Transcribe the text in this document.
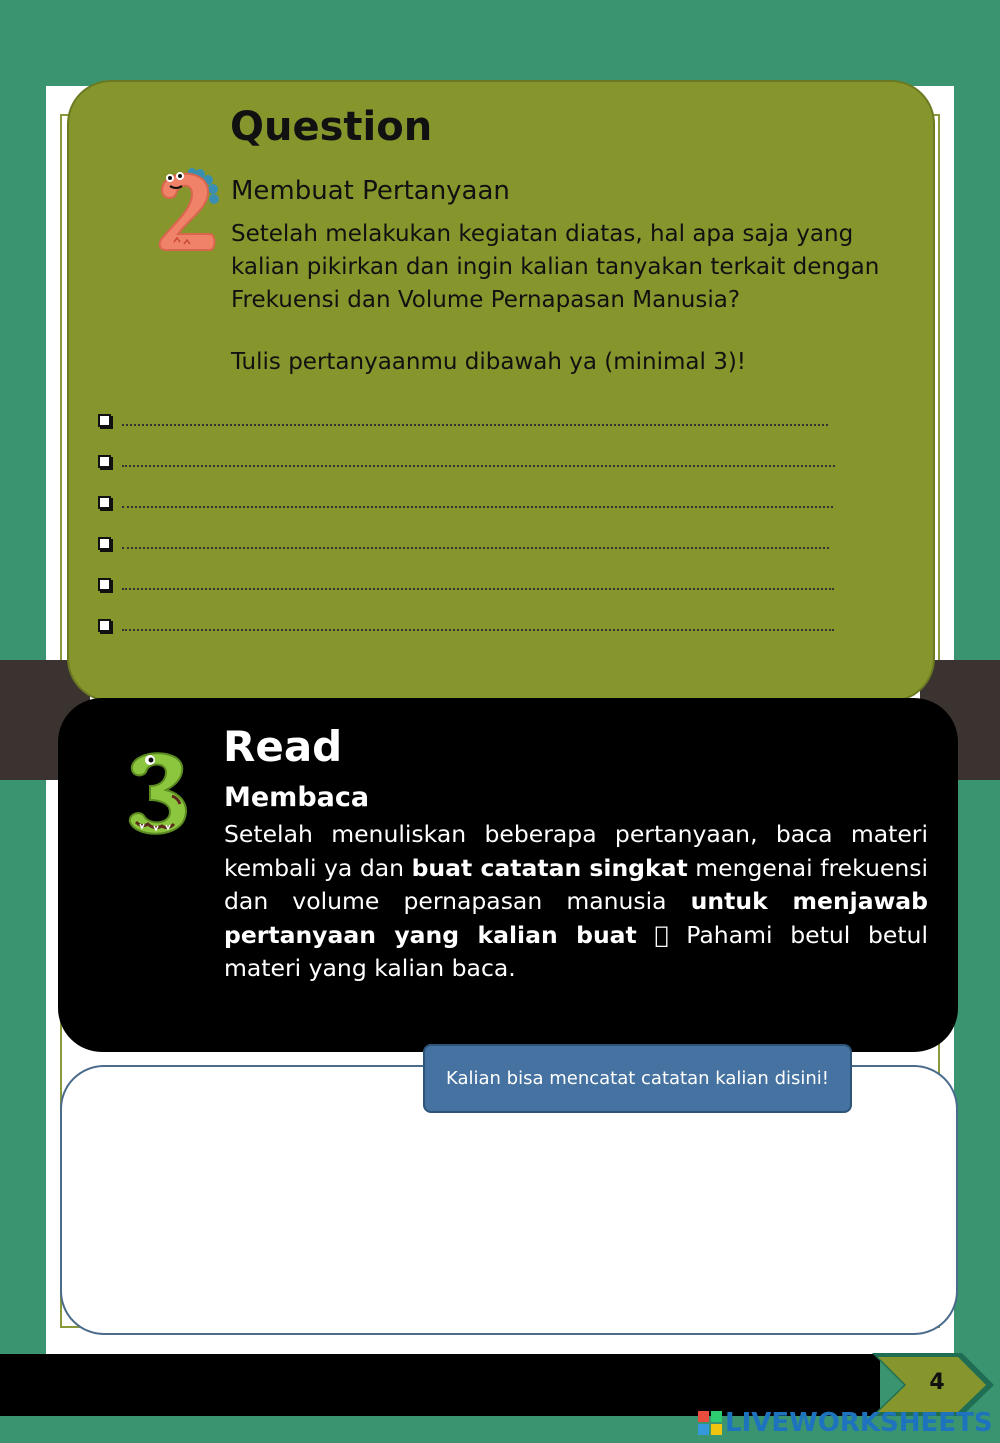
Question
Membuat Pertanyaan
Setelah melakukan kegiatan diatas, hal apa saja yang kalian pikirkan dan ingin kalian tanyakan terkait dengan Frekuensi dan Volume Pernapasan Manusia?
Tulis pertanyaanmu dibawah ya (minimal 3)!
Read
Membaca
Setelah menuliskan beberapa pertanyaan, baca materi kembali ya dan buat catatan singkat mengenai frekuensi dan volume pernapasan manusia untuk menjawab pertanyaan yang kalian buat Pahami betul betul materi yang kalian baca.
Kalian bisa mencatat catatan kalian disini!
4
LIVEWORKSHEETS
